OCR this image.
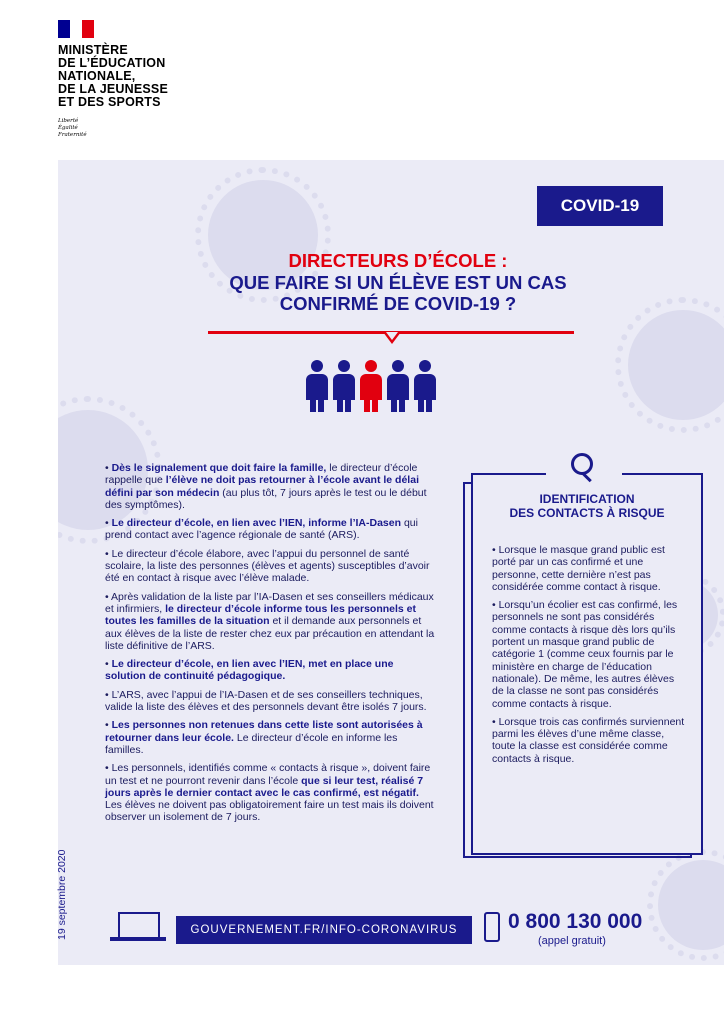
MINISTÈRE
DE L’ÉDUCATION
NATIONALE,
DE LA JEUNESSE
ET DES SPORTS
Liberté
Égalité
Fraternité
COVID-19
DIRECTEURS D’ÉCOLE :
QUE FAIRE SI UN ÉLÈVE EST UN CAS
CONFIRMÉ DE COVID-19 ?

• Dès le signalement que doit faire la famille, le directeur d’école rappelle que l’élève ne doit pas retourner à l’école avant le délai défini par son médecin (au plus tôt, 7 jours après le test ou le début des symptômes).

• Le directeur d’école, en lien avec l’IEN, informe l’IA-Dasen qui prend contact avec l’agence régionale de santé (ARS).

• Le directeur d’école élabore, avec l’appui du personnel de santé scolaire, la liste des personnes (élèves et agents) susceptibles d’avoir été en contact à risque avec l’élève malade.

• Après validation de la liste par l’IA-Dasen et ses conseillers médicaux et infirmiers, le directeur d’école informe tous les personnels et toutes les familles de la situation et il demande aux personnels et aux élèves de la liste de rester chez eux par précaution en attendant la liste définitive de l’ARS.

• Le directeur d’école, en lien avec l’IEN, met en place une solution de continuité pédagogique.

• L’ARS, avec l’appui de l’IA-Dasen et de ses conseillers techniques, valide la liste des élèves et des personnels devant être isolés 7 jours.

• Les personnes non retenues dans cette liste sont autorisées à retourner dans leur école. Le directeur d’école en informe les familles.

• Les personnels, identifiés comme « contacts à risque », doivent faire un test et ne pourront revenir dans l’école que si leur test, réalisé 7 jours après le dernier contact avec le cas confirmé, est négatif. Les élèves ne doivent pas obligatoirement faire un test mais ils doivent observer un isolement de 7 jours.

IDENTIFICATION
DES CONTACTS À RISQUE

• Lorsque le masque grand public est porté par un cas confirmé et une personne, cette dernière n’est pas considérée comme contact à risque.

• Lorsqu’un écolier est cas confirmé, les personnels ne sont pas considérés comme contacts à risque dès lors qu’ils portent un masque grand public de catégorie 1 (comme ceux fournis par le ministère en charge de l’éducation nationale). De même, les autres élèves de la classe ne sont pas considérés comme contacts à risque.

• Lorsque trois cas confirmés surviennent parmi les élèves d’une même classe, toute la classe est considérée comme contacts à risque.

GOUVERNEMENT.FR/INFO-CORONAVIRUS	0 800 130 000
(appel gratuit)
19 septembre 2020
